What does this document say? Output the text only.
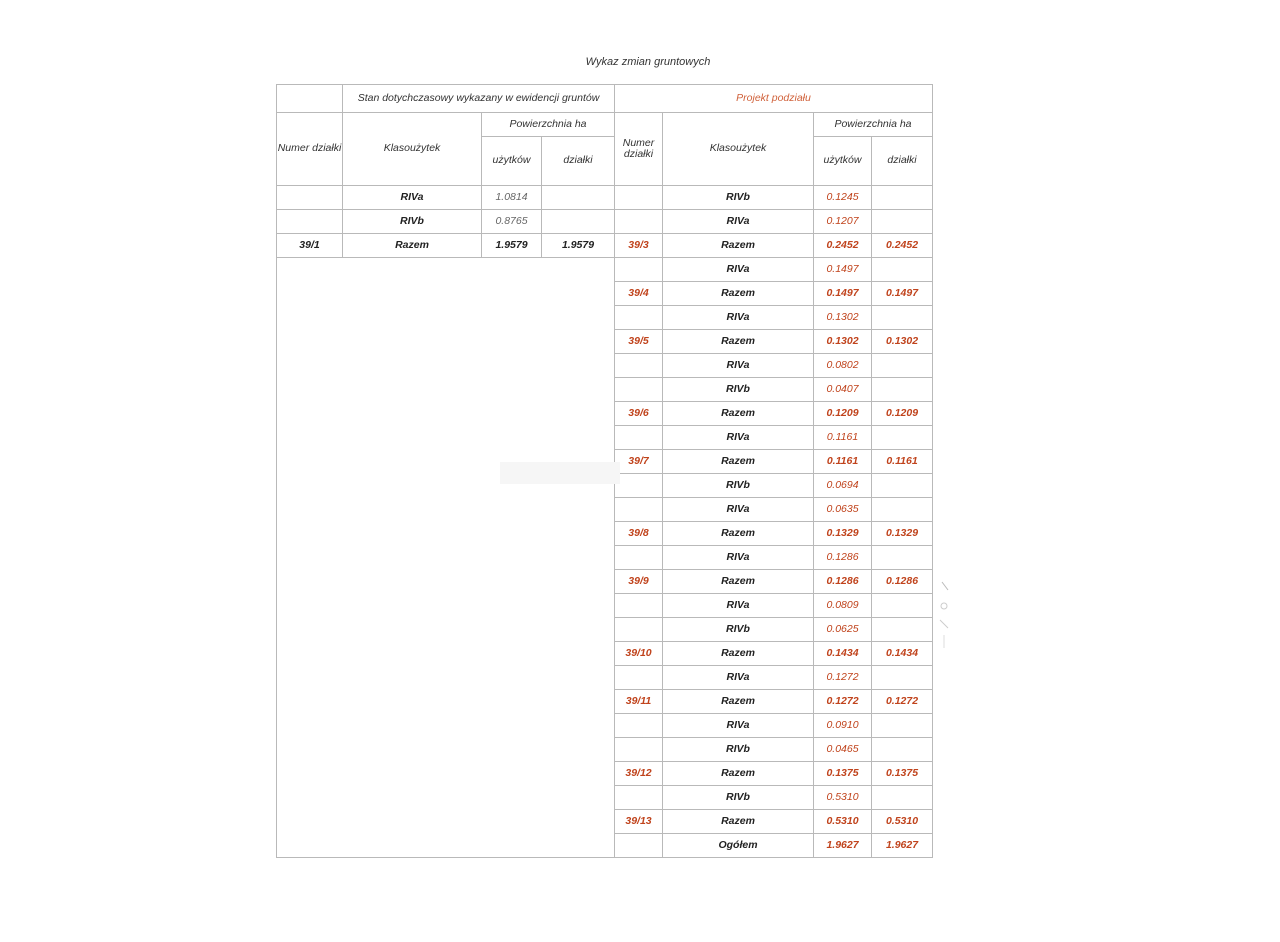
Wykaz zmian gruntowych
	Stan dotychczasowy wykazany w ewidencji gruntów			Projekt podziału			
Numer działki	Klasoużytek	Powierzchnia ha		Numer działki	Klasoużytek	Powierzchnia ha	
		użytków	działki			użytków	działki
	RIVa	1.0814			RIVb	0.1245	
	RIVb	0.8765			RIVa	0.1207	
39/1	Razem	1.9579	1.9579	39/3	Razem	0.2452	0.2452
					RIVa	0.1497	
				39/4	Razem	0.1497	0.1497
					RIVa	0.1302	
				39/5	Razem	0.1302	0.1302
					RIVa	0.0802	
					RIVb	0.0407	
				39/6	Razem	0.1209	0.1209
					RIVa	0.1161	
				39/7	Razem	0.1161	0.1161
					RIVb	0.0694	
					RIVa	0.0635	
				39/8	Razem	0.1329	0.1329
					RIVa	0.1286	
				39/9	Razem	0.1286	0.1286
					RIVa	0.0809	
					RIVb	0.0625	
				39/10	Razem	0.1434	0.1434
					RIVa	0.1272	
				39/11	Razem	0.1272	0.1272
					RIVa	0.0910	
					RIVb	0.0465	
				39/12	Razem	0.1375	0.1375
					RIVb	0.5310	
				39/13	Razem	0.5310	0.5310
					Ogółem	1.9627	1.9627
